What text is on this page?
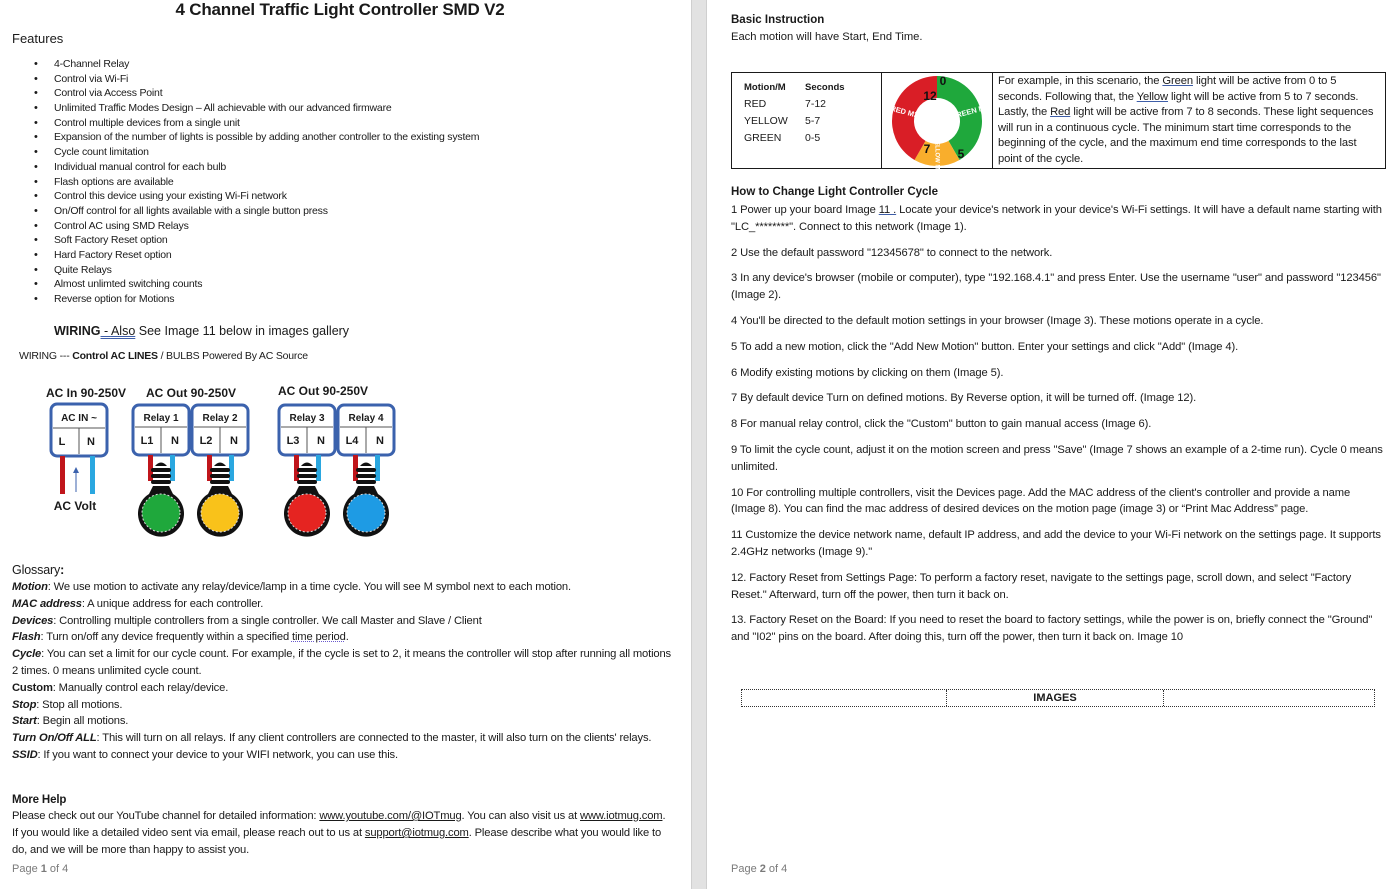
4 Channel Traffic Light Controller SMD V2
Features
• 4-Channel Relay
• Control via Wi-Fi
• Control via Access Point
• Unlimited Traffic Modes Design – All achievable with our advanced firmware
• Control multiple devices from a single unit
• Expansion of the number of lights is possible by adding another controller to the existing system
• Cycle count limitation
• Individual manual control for each bulb
• Flash options are available
• Control this device using your existing Wi-Fi network
• On/Off control for all lights available with a single button press
• Control AC using SMD Relays
• Soft Factory Reset option
• Hard Factory Reset option
• Quite Relays
• Almost unlimted switching counts
• Reverse option for Motions
WIRING - Also See Image 11 below in images gallery
WIRING --- Control AC LINES / BULBS Powered By AC Source
AC In 90-250V AC Out 90-250V	AC Out 90-250V
AC IN ~
L N
AC Volt
Relay 1
L1 N
Relay 2
L2 N
Relay 3
L3 N
Relay 4
L4 N
Glossary:

Motion: We use motion to activate any relay/device/lamp in a time cycle. You will see M symbol next to each motion.

MAC address: A unique address for each controller.

Devices: Controlling multiple controllers from a single controller. We call Master and Slave / Client

Flash: Turn on/off any device frequently within a specified time period.

Cycle: You can set a limit for our cycle count. For example, if the cycle is set to 2, it means the controller will stop after running all motions 2 times. 0 means unlimited cycle count.

Custom: Manually control each relay/device.

Stop: Stop all motions.

Start: Begin all motions.

Turn On/Off ALL: This will turn on all relays. If any client controllers are connected to the master, it will also turn on the clients' relays.

SSID: If you want to connect your device to your WIFI network, you can use this.

More Help

Please check out our YouTube channel for detailed information: www.youtube.com/@IOTmug. You can also visit us at www.iotmug.com. If you would like a detailed video sent via email, please reach out to us at support@iotmug.com. Please describe what you would like to do, and we will be more than happy to assist you.

Page 1 of 4
Basic Instruction
Each motion will have Start, End Time.
Motion/M	Seconds
RED	7-12
YELLOW	5-7
GREEN	0-5
GREEN M1
YELLOW M2
RED M3
0
12
5
7
For example, in this scenario, the Green light will be active from 0 to 5 seconds. Following that, the Yellow light will be active from 5 to 7 seconds. Lastly, the Red light will be active from 7 to 8 seconds. These light sequences will run in a continuous cycle. The minimum start time corresponds to the beginning of the cycle, and the maximum end time corresponds to the last point of the cycle.
How to Change Light Controller Cycle

1 Power up your board Image 11 . Locate your device's network in your device's Wi-Fi settings. It will have a default name starting with "LC_********". Connect to this network (Image 1).

2 Use the default password "12345678" to connect to the network.

3 In any device's browser (mobile or computer), type "192.168.4.1" and press Enter. Use the username "user" and password "123456" (Image 2).

4 You'll be directed to the default motion settings in your browser (Image 3). These motions operate in a cycle.

5 To add a new motion, click the "Add New Motion" button. Enter your settings and click "Add" (Image 4).

6 Modify existing motions by clicking on them (Image 5).

7 By default device Turn on defined motions. By Reverse option, it will be turned off. (Image 12).

8 For manual relay control, click the "Custom" button to gain manual access (Image 6).

9 To limit the cycle count, adjust it on the motion screen and press "Save" (Image 7 shows an example of a 2-time run). Cycle 0 means unlimited.

10 For controlling multiple controllers, visit the Devices page. Add the MAC address of the client's controller and provide a name (Image 8). You can find the mac address of desired devices on the motion page (image 3) or “Print Mac Address” page.

11 Customize the device network name, default IP address, and add the device to your Wi-Fi network on the settings page. It supports 2.4GHz networks (Image 9)."

12. Factory Reset from Settings Page: To perform a factory reset, navigate to the settings page, scroll down, and select "Factory Reset." Afterward, turn off the power, then turn it back on.

13. Factory Reset on the Board: If you need to reset the board to factory settings, while the power is on, briefly connect the "Ground" and "I02" pins on the board. After doing this, turn off the power, then turn it back on. Image 10

IMAGES
Page 2 of 4
